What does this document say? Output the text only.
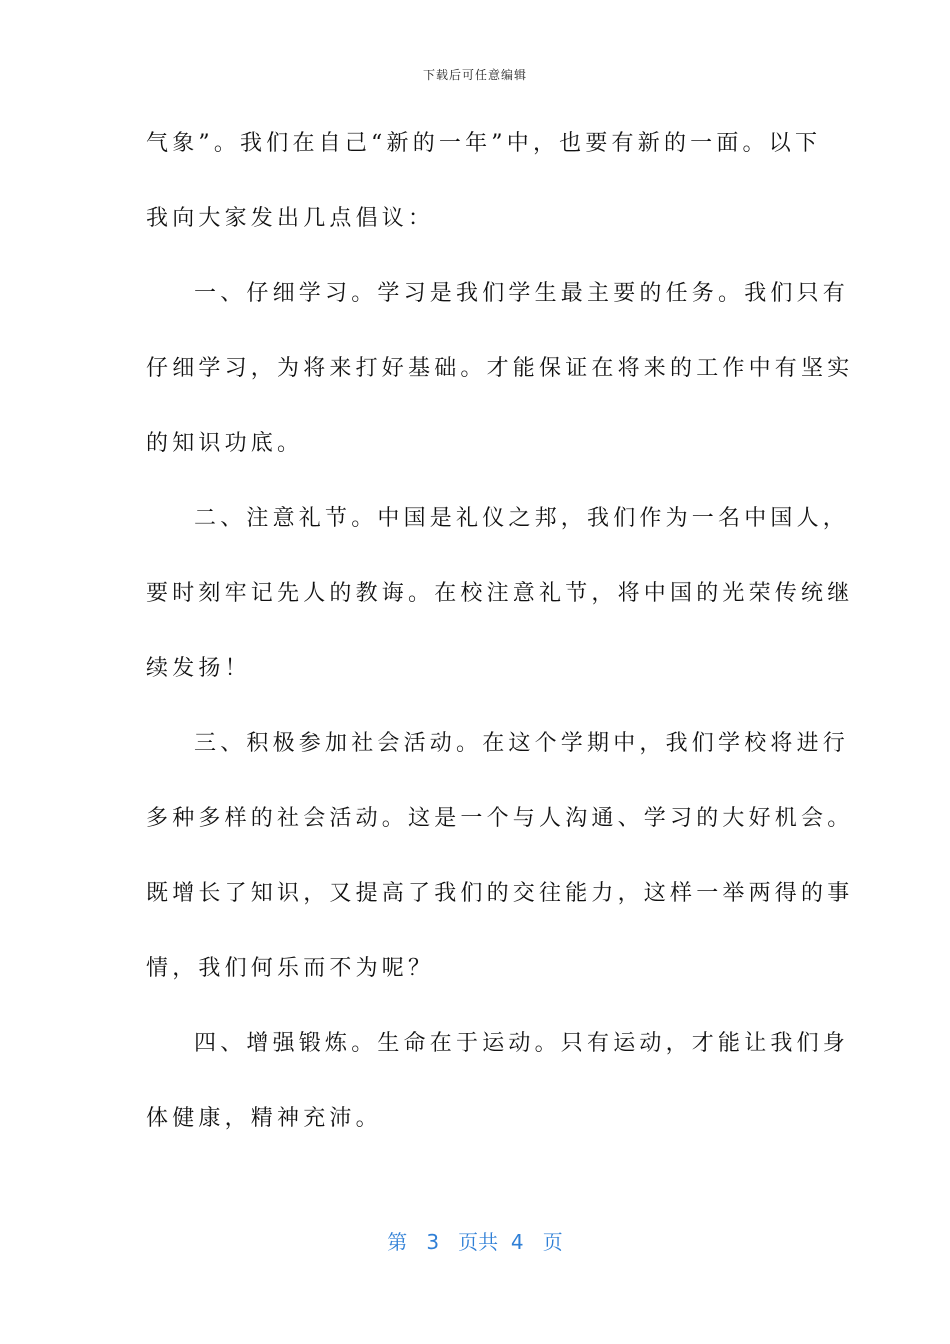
下载后可任意编辑
气象”。我们在自己“新的一年”中，也要有新的一面。以下
我向大家发出几点倡议：
一、仔细学习。学习是我们学生最主要的任务。我们只有
仔细学习，为将来打好基础。才能保证在将来的工作中有坚实
的知识功底。
二、注意礼节。中国是礼仪之邦，我们作为一名中国人，
要时刻牢记先人的教诲。在校注意礼节，将中国的光荣传统继
续发扬！
三、积极参加社会活动。在这个学期中，我们学校将进行
多种多样的社会活动。这是一个与人沟通、学习的大好机会。
既增长了知识，又提高了我们的交往能力，这样一举两得的事
情，我们何乐而不为呢？
四、增强锻炼。生命在于运动。只有运动，才能让我们身
体健康，精神充沛。
第 3 页共 4 页
